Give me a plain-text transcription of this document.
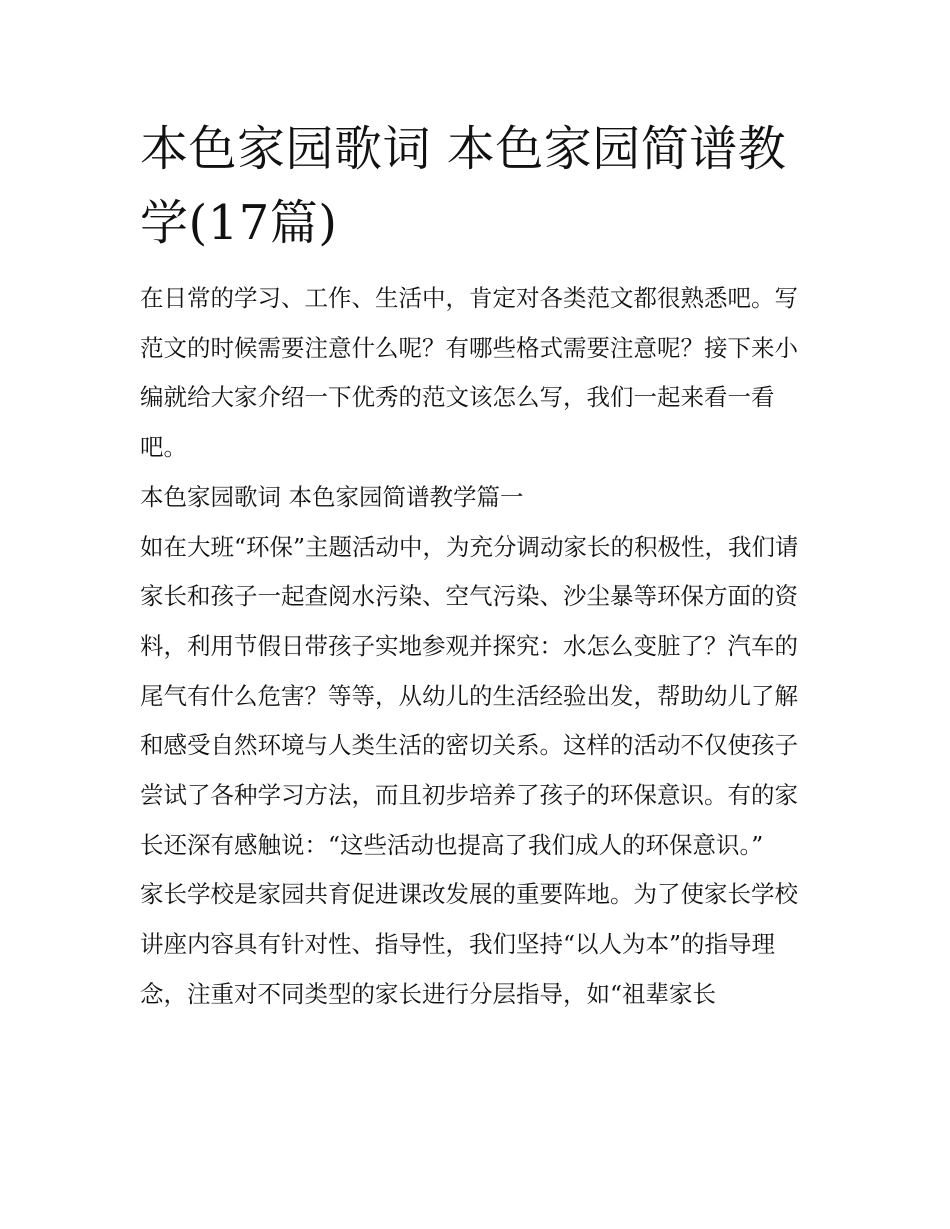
本色家园歌词 本色家园简谱教学(17篇)

在日常的学习、工作、生活中，肯定对各类范文都很熟悉吧。写范文的时候需要注意什么呢？有哪些格式需要注意呢？接下来小编就给大家介绍一下优秀的范文该怎么写，我们一起来看一看吧。

本色家园歌词 本色家园简谱教学篇一

如在大班“环保”主题活动中，为充分调动家长的积极性，我们请家长和孩子一起查阅水污染、空气污染、沙尘暴等环保方面的资料，利用节假日带孩子实地参观并探究：水怎么变脏了？汽车的尾气有什么危害？等等，从幼儿的生活经验出发，帮助幼儿了解和感受自然环境与人类生活的密切关系。这样的活动不仅使孩子尝试了各种学习方法，而且初步培养了孩子的环保意识。有的家长还深有感触说：“这些活动也提高了我们成人的环保意识。”

家长学校是家园共育促进课改发展的重要阵地。为了使家长学校讲座内容具有针对性、指导性，我们坚持“以人为本”的指导理念，注重对不同类型的家长进行分层指导，如“祖辈家长
